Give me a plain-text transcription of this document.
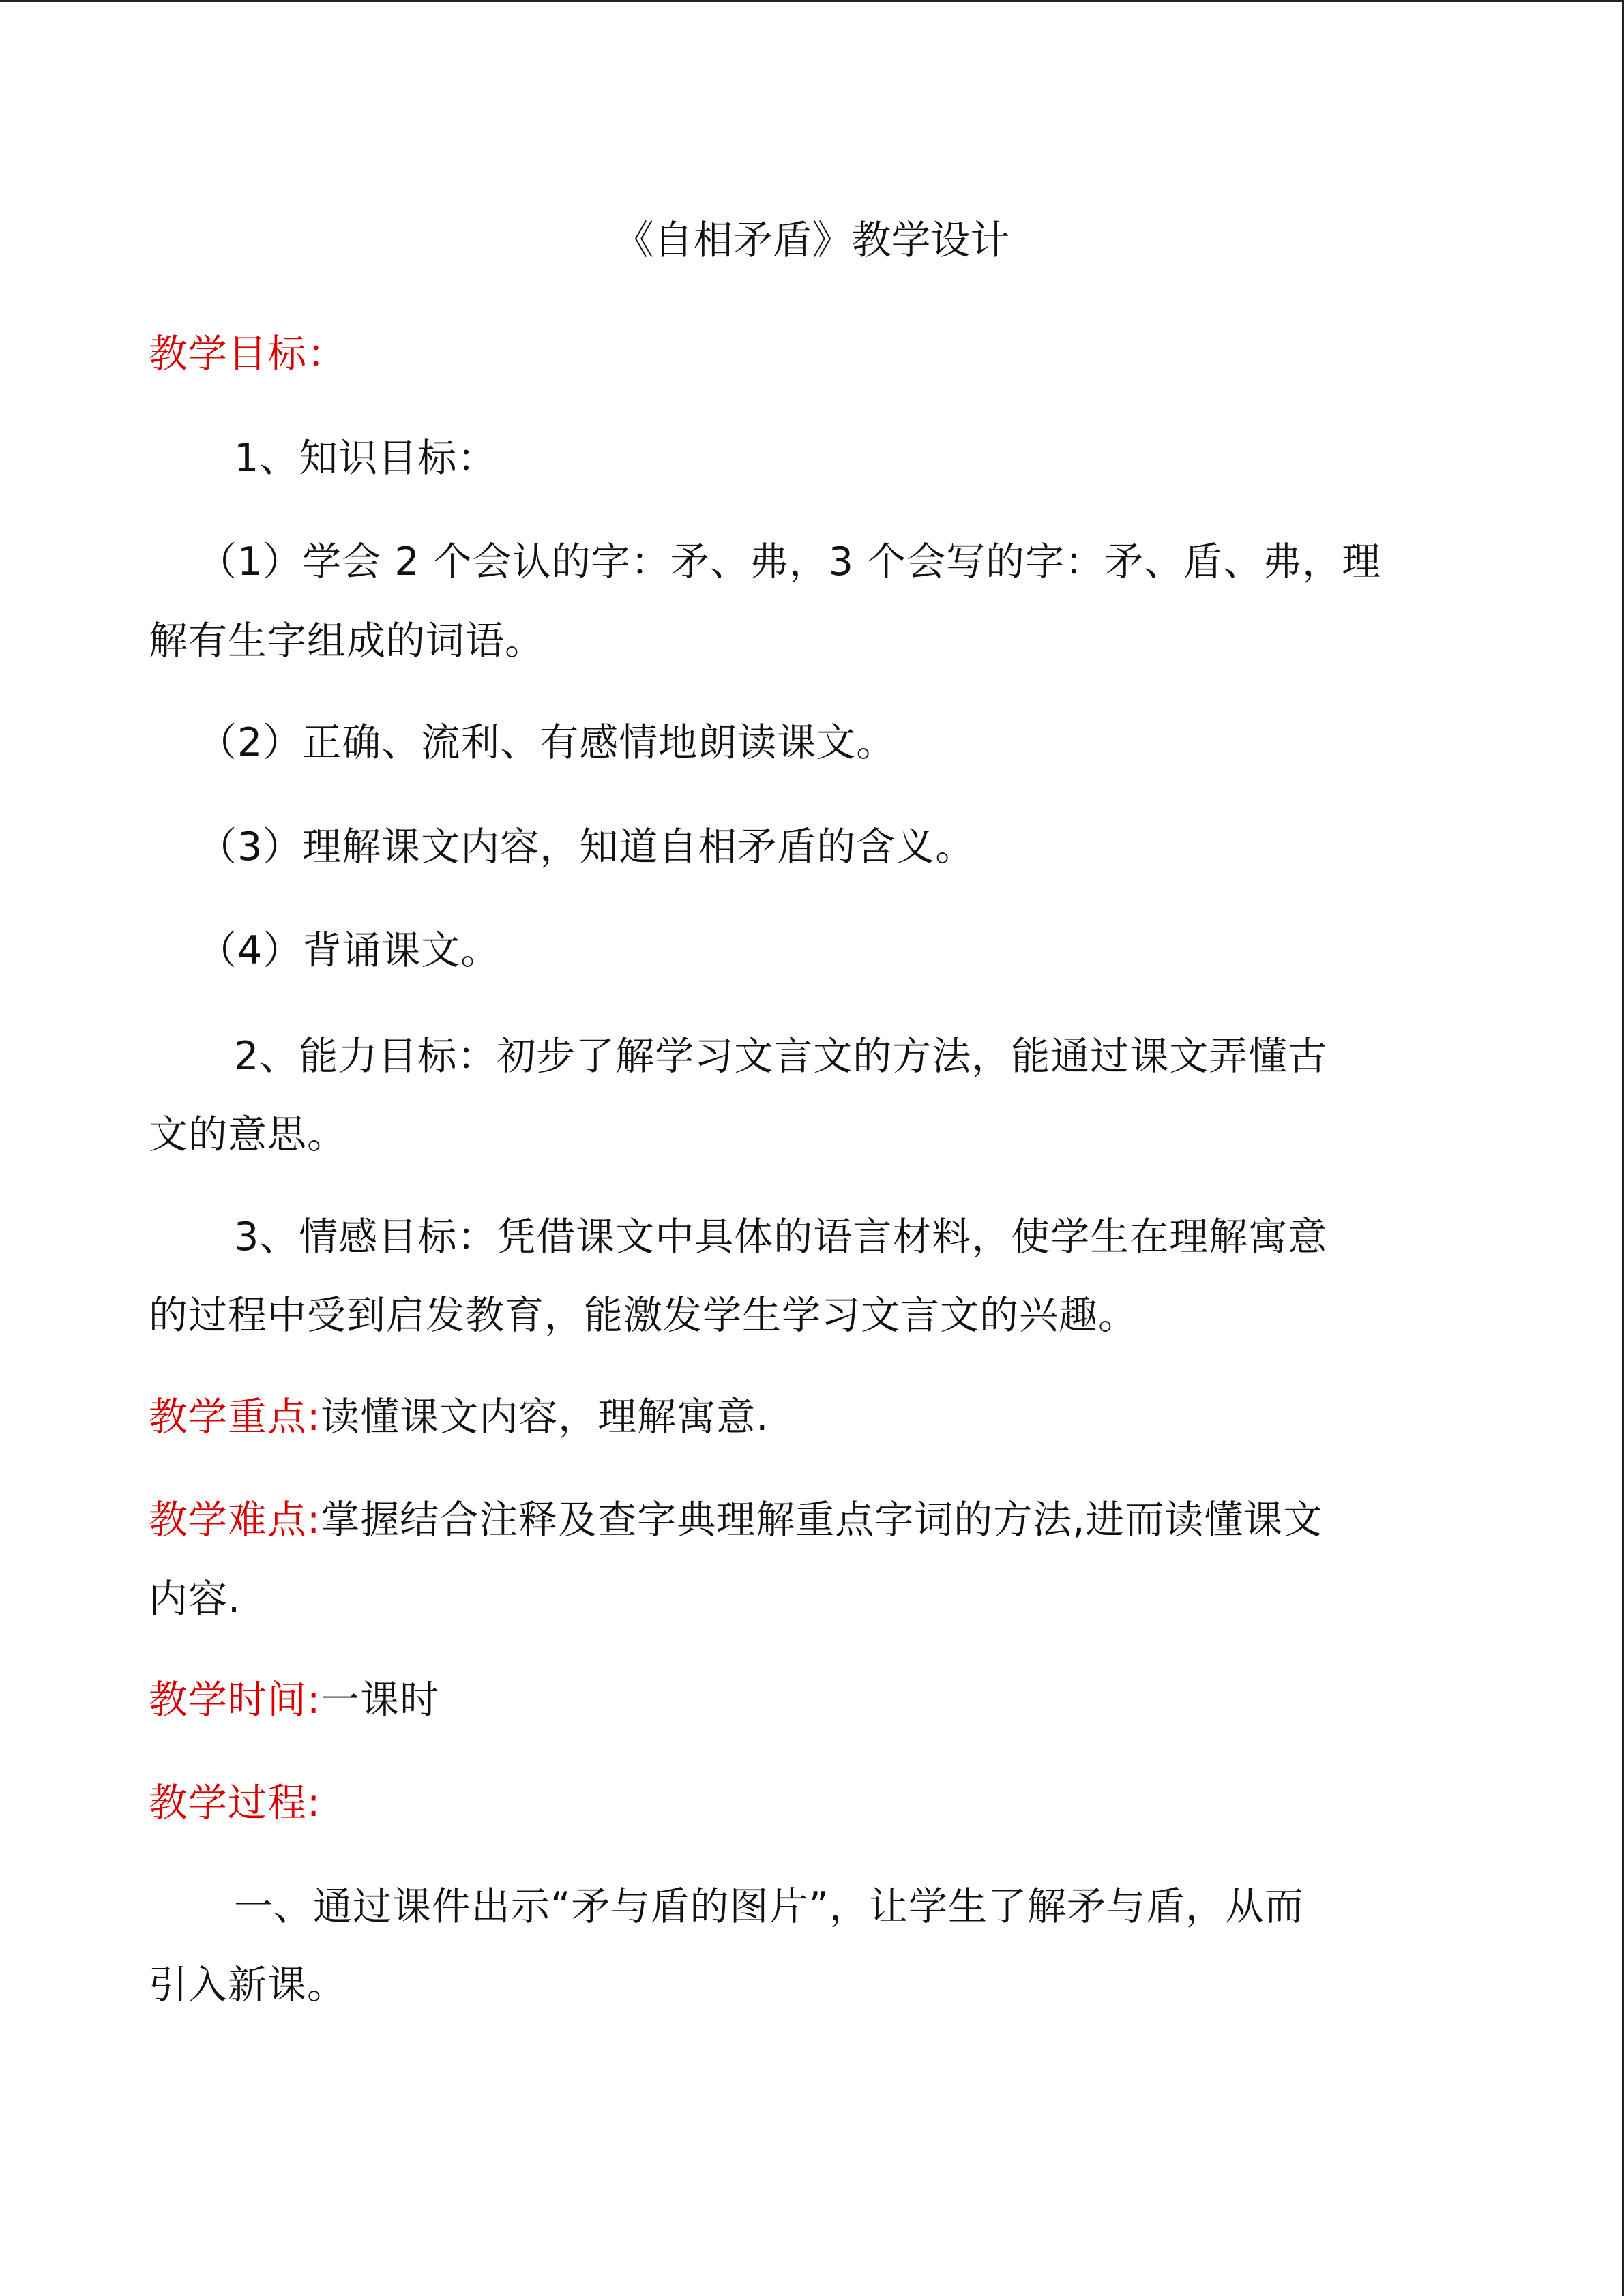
《自相矛盾》教学设计
教学目标：
1、知识目标：
（1）学会 2 个会认的字：矛、弗，3 个会写的字：矛、盾、弗，理
解有生字组成的词语。
（2）正确、流利、有感情地朗读课文。
（3）理解课文内容，知道自相矛盾的含义。
（4）背诵课文。
2、能力目标：初步了解学习文言文的方法，能通过课文弄懂古
文的意思。
3、情感目标：凭借课文中具体的语言材料，使学生在理解寓意
的过程中受到启发教育，能激发学生学习文言文的兴趣。
教学重点:读懂课文内容，理解寓意.
教学难点:掌握结合注释及查字典理解重点字词的方法,进而读懂课文
内容.
教学时间:一课时
教学过程:
一、通过课件出示“矛与盾的图片”，让学生了解矛与盾，从而
引入新课。
